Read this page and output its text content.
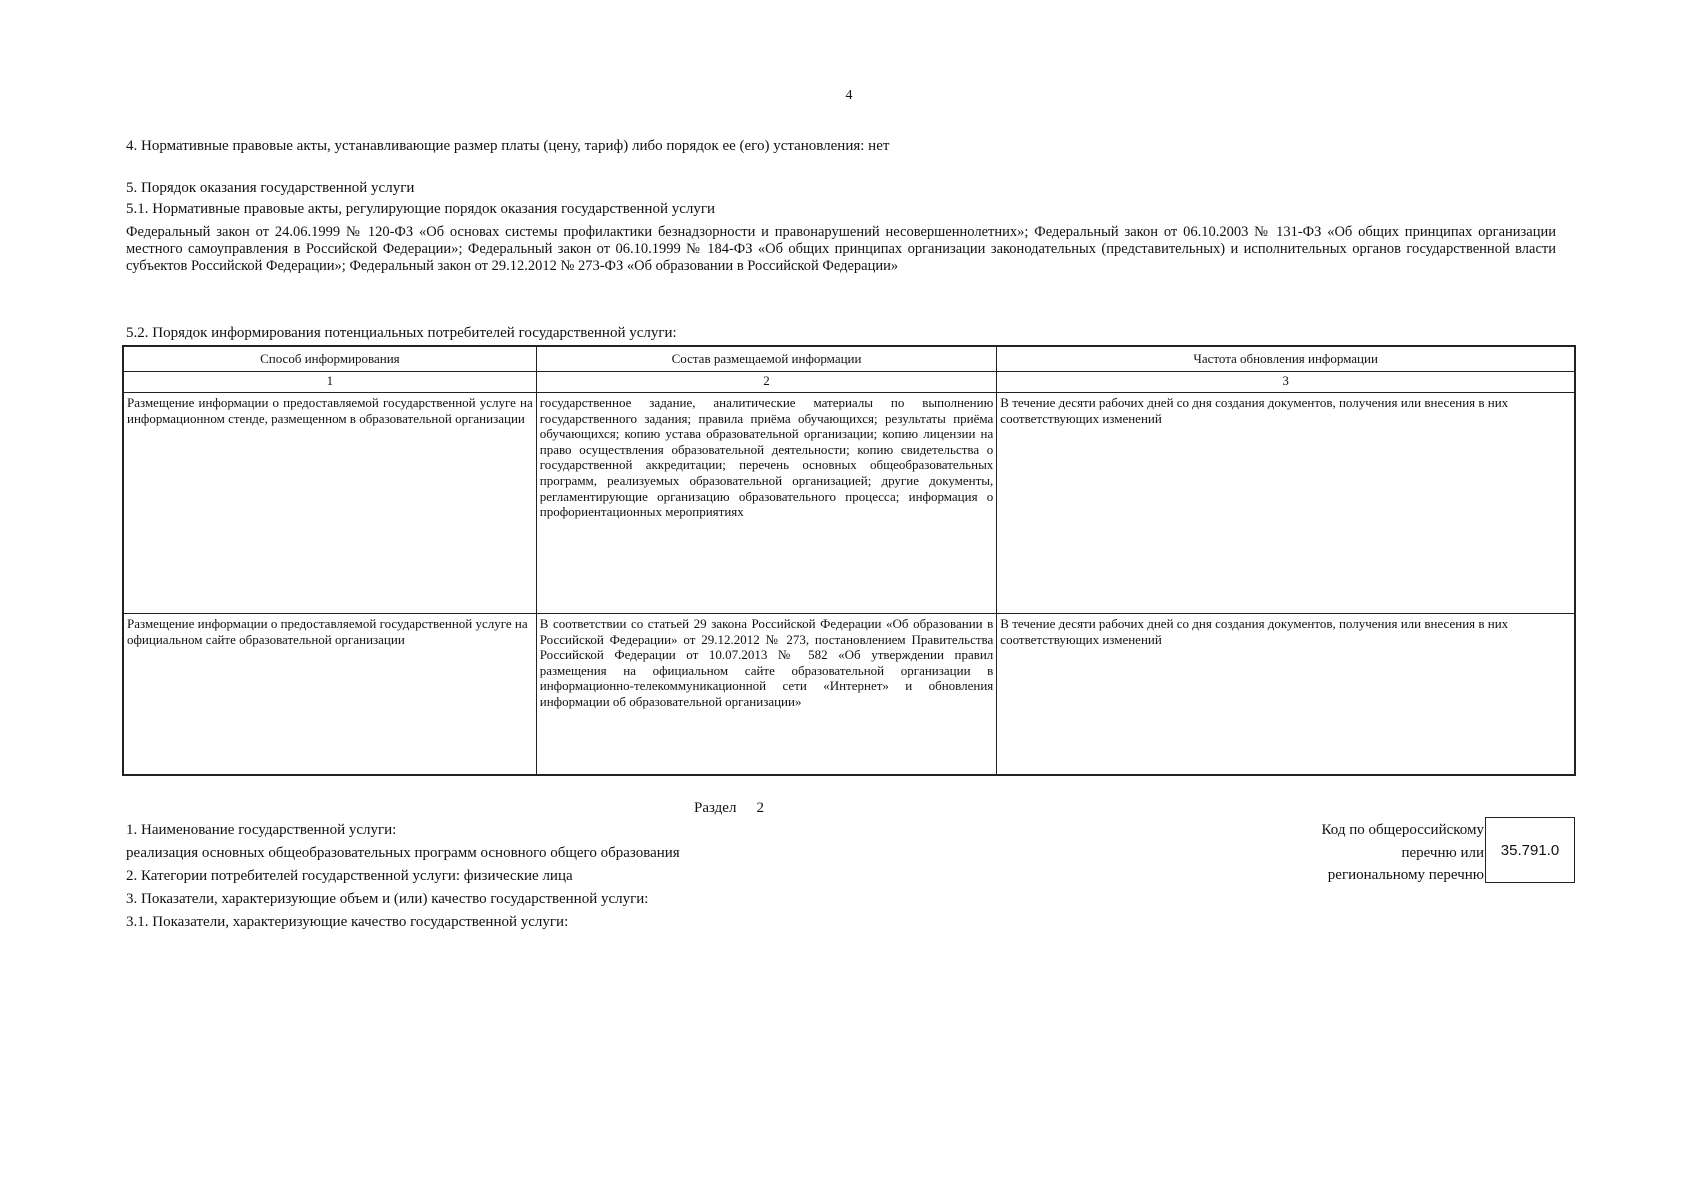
4
4. Нормативные правовые акты, устанавливающие размер платы (цену, тариф) либо порядок ее (его) установления: нет
5. Порядок оказания государственной услуги
5.1. Нормативные правовые акты, регулирующие порядок оказания государственной услуги
Федеральный закон от 24.06.1999 № 120-ФЗ «Об основах системы профилактики безнадзорности и правонарушений несовершеннолетних»; Федеральный закон от 06.10.2003 № 131-ФЗ «Об общих принципах организации местного самоуправления в Российской Федерации»; Федеральный закон от 06.10.1999 № 184-ФЗ «Об общих принципах организации законодательных (представительных) и исполнительных органов государственной власти субъектов Российской Федерации»; Федеральный закон от 29.12.2012 № 273-ФЗ «Об образовании в Российской Федерации»
5.2. Порядок информирования потенциальных потребителей государственной услуги:
Способ информирования	Состав размещаемой информации	Частота обновления информации
1	2	3
Размещение информации о предоставляемой государственной услуге на информационном стенде, размещенном в образовательной организации	государственное задание, аналитические материалы по выполнению государственного задания; правила приёма обучающихся; результаты приёма обучающихся; копию устава образовательной организации; копию лицензии на право осуществления образовательной деятельности; копию свидетельства о государственной аккредитации; перечень основных общеобразовательных программ, реализуемых образовательной организацией; другие документы, регламентирующие организацию образовательного процесса; информация о профориентационных мероприятиях	В течение десяти рабочих дней со дня создания документов, получения или внесения в них соответствующих изменений
Размещение информации о предоставляемой государственной услуге на официальном сайте образовательной организации	В соответствии со статьей 29 закона Российской Федерации «Об образовании в Российской Федерации» от 29.12.2012 № 273, постановлением Правительства Российской Федерации от 10.07.2013 № 582 «Об утверждении правил размещения на официальном сайте образовательной организации в информационно-телекоммуникационной сети «Интернет» и обновления информации об образовательной организации»	В течение десяти рабочих дней со дня создания документов, получения или внесения в них соответствующих изменений
Раздел 2
1. Наименование государственной услуги:
реализация основных общеобразовательных программ основного общего образования
2. Категории потребителей государственной услуги: физические лица
3. Показатели, характеризующие объем и (или) качество государственной услуги:
3.1. Показатели, характеризующие качество государственной услуги:
Код по общероссийскому
перечню или
региональному перечню
35.791.0
